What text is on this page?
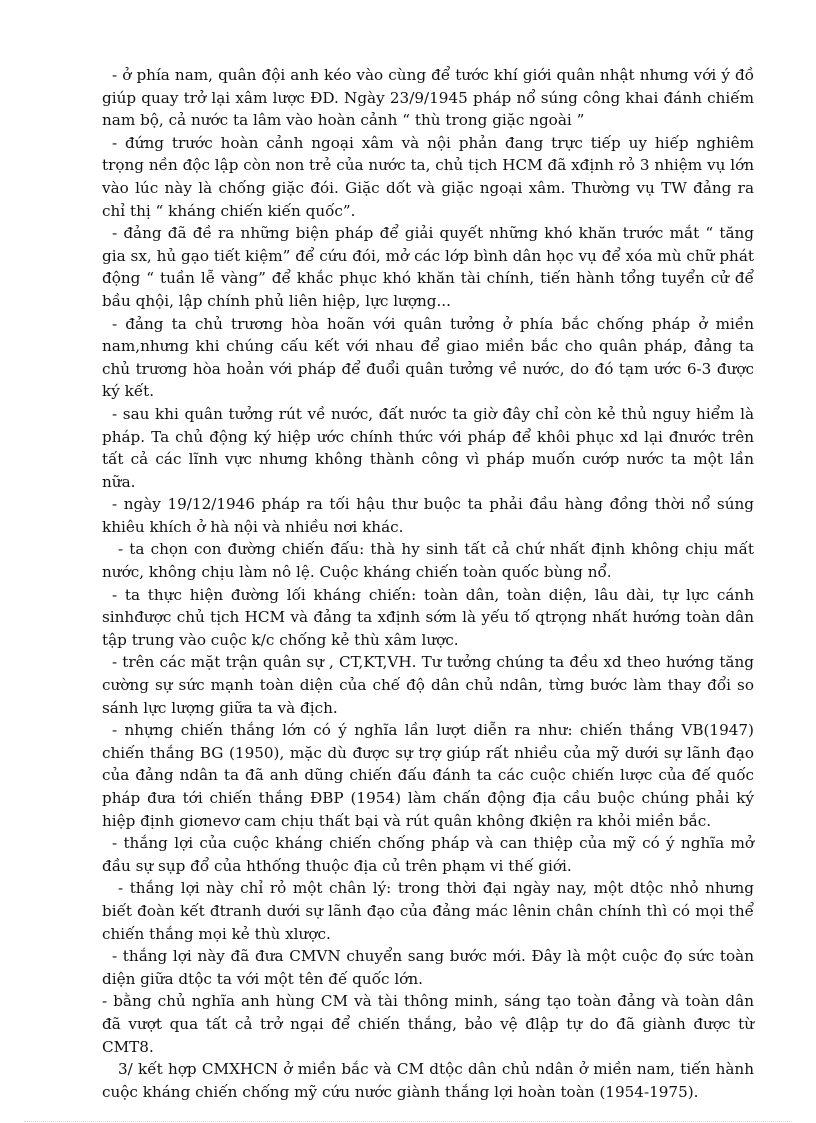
- ở phía nam, quân đội anh kéo vào cùng để tước khí giới quân nhật nhưng với ý đồ giúp quay trở lại xâm lược ĐD. Ngày 23/9/1945 pháp nổ súng công khai đánh chiếm nam bộ, cả nước ta lâm vào hoàn cảnh “ thù trong giặc ngoài ”

- đứng trước hoàn cảnh ngoại xâm và nội phản đang trực tiếp uy hiếp nghiêm trọng nền độc lập còn non trẻ của nước ta, chủ tịch HCM đã xđịnh rỏ 3 nhiệm vụ lớn vào lúc này là chống giặc đói. Giặc dốt và giặc ngoại xâm. Thường vụ TW đảng ra chỉ thị “ kháng chiến kiến quốc”.

- đảng đã đề ra những biện pháp để giải quyết những khó khăn trước mắt “ tăng gia sx, hủ gạo tiết kiệm” để cứu đói, mở các lớp bình dân học vụ để xóa mù chữ phát động “ tuần lễ vàng” để khắc phục khó khăn tài chính, tiến hành tổng tuyển cử để bầu qhội, lập chính phủ liên hiệp, lực lượng...

- đảng ta chủ trương hòa hoãn với quân tưởng ở phía bắc chống pháp ở miền nam,nhưng khi chúng cấu kết với nhau để giao miền bắc cho quân pháp, đảng ta chủ trương hòa hoản với pháp để đuổi quân tưởng về nước, do đó tạm ước 6-3 được ký kết.

- sau khi quân tưởng rút về nước, đất nước ta giờ đây chỉ còn kẻ thủ nguy hiểm là pháp. Ta chủ động ký hiệp ước chính thức với pháp để khôi phục xd lại đnước trên tất cả các lĩnh vực nhưng không thành công vì pháp muốn cướp nước ta một lần nữa.

- ngày 19/12/1946 pháp ra tối hậu thư buộc ta phải đầu hàng đồng thời nổ súng khiêu khích ở hà nội và nhiều nơi khác.

- ta chọn con đường chiến đấu: thà hy sinh tất cả chứ nhất định không chịu mất nước, không chịu làm nô lệ. Cuộc kháng chiến toàn quốc bùng nổ.

- ta thực hiện đường lối kháng chiến: toàn dân, toàn diện, lâu dài, tự lực cánh sinhđược chủ tịch HCM và đảng ta xđịnh sớm là yếu tố qtrọng nhất hướng toàn dân tập trung vào cuộc k/c chống kẻ thù xâm lược.

- trên các mặt trận quân sự , CT,KT,VH. Tư tưởng chúng ta đều xd theo hướng tăng cường sự sức mạnh toàn diện của chế độ dân chủ ndân, từng bước làm thay đổi so sánh lực lượng giữa ta và địch.

- nhựng chiến thắng lớn có ý nghĩa lần lượt diễn ra như: chiến thắng VB(1947) chiến thắng BG (1950), mặc dù được sự trợ giúp rất nhiều của mỹ dưới sự lãnh đạo của đảng ndân ta đã anh dũng chiến đấu đánh ta các cuộc chiến lược của đế quốc pháp đưa tới chiến thắng ĐBP (1954) làm chấn động địa cầu buộc chúng phải ký hiệp định giơnevơ cam chịu thất bại và rút quân không đkiện ra khỏi miền bắc.

- thắng lợi của cuộc kháng chiến chống pháp và can thiệp của mỹ có ý nghĩa mở đầu sự sụp đổ của hthống thuộc địa củ trên phạm vi thế giới.

- thắng lợi này chỉ rỏ một chân lý: trong thời đại ngày nay, một dtộc nhỏ nhưng biết đoàn kết đtranh dưới sự lãnh đạo của đảng mác lênin chân chính thì có mọi thể chiến thắng mọi kẻ thù xlược.

- thắng lợi này đã đưa CMVN chuyển sang bước mới. Đây là một cuộc đọ sức toàn diện giữa dtộc ta với một tên đế quốc lớn.

- bằng chủ nghĩa anh hùng CM và tài thông minh, sáng tạo toàn đảng và toàn dân đã vượt qua tất cả trở ngại để chiến thắng, bảo vệ đlập tự do đã giành được từ CMT8.

3/ kết hợp CMXHCN ở miền bắc và CM dtộc dân chủ ndân ở miền nam, tiến hành cuộc kháng chiến chống mỹ cứu nước giành thắng lợi hoàn toàn (1954-1975).
